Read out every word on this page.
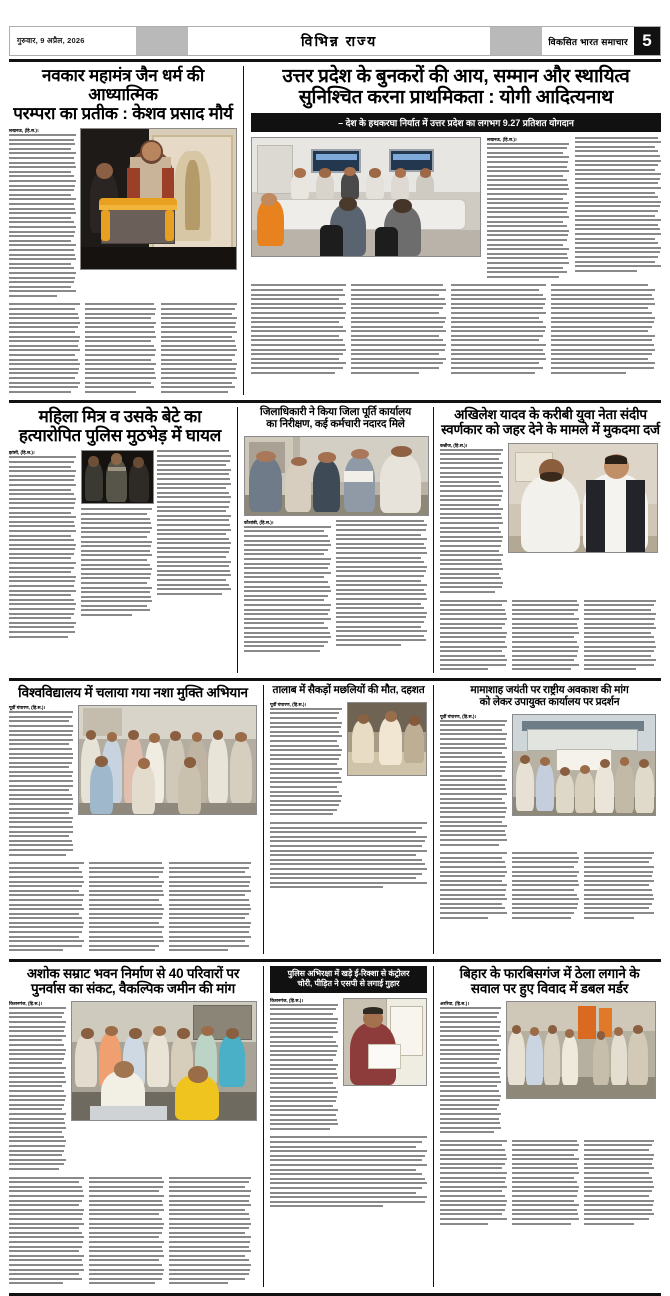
गुरुवार, 9 अप्रैल, 2026	विभिन्न राज्य	विकसित भारत समाचार 5
नवकार महामंत्र जैन धर्म की आध्यात्मिक
परम्परा का प्रतीक : केशव प्रसाद मौर्य
लखनऊ, (हि.स.)।
उत्तर प्रदेश के बुनकरों की आय, सम्मान और स्थायित्व
सुनिश्चित करना प्राथमिकता : योगी आदित्यनाथ
– देश के हथकरघा निर्यात में उत्तर प्रदेश का लगभग 9.27 प्रतिशत योगदान
लखनऊ, (हि.स.)।
महिला मित्र व उसके बेटे का
हत्यारोपित पुलिस मुठभेड़ में घायल
झांसी, (हि.स.)।
जिलाधिकारी ने किया जिला पूर्ति कार्यालय
का निरीक्षण, कई कर्मचारी नदारद मिले
कौशांबी, (हि.स.)।
अखिलेश यादव के करीबी युवा नेता संदीप
स्वर्णकार को जहर देने के मामले में मुकदमा दर्ज
कन्नौज, (हि.स.)।
विश्वविद्यालय में चलाया गया नशा मुक्ति अभियान
पूर्वी चंपारण, (हि.स.)।
तालाब में सैकड़ों मछलियों की मौत, दहशत
पूर्वी चंपारण, (हि.स.)।
मामाशाह जयंती पर राष्ट्रीय अवकाश की मांग
को लेकर उपायुक्त कार्यालय पर प्रदर्शन
पूर्वी चंपारण, (हि.स.)।
अशोक सम्राट भवन निर्माण से 40 परिवारों पर
पुनर्वास का संकट, वैकल्पिक जमीन की मांग
किशनगंज, (हि.स.)।
पुलिस अभिरक्षा में खड़े ई-रिक्शा से कंट्रोलर
चोरी, पीड़ित ने एसपी से लगाई गुहार
किशनगंज, (हि.स.)।
बिहार के फारबिसगंज में ठेला लगाने के
सवाल पर हुए विवाद में डबल मर्डर
अररिया, (हि.स.)।
